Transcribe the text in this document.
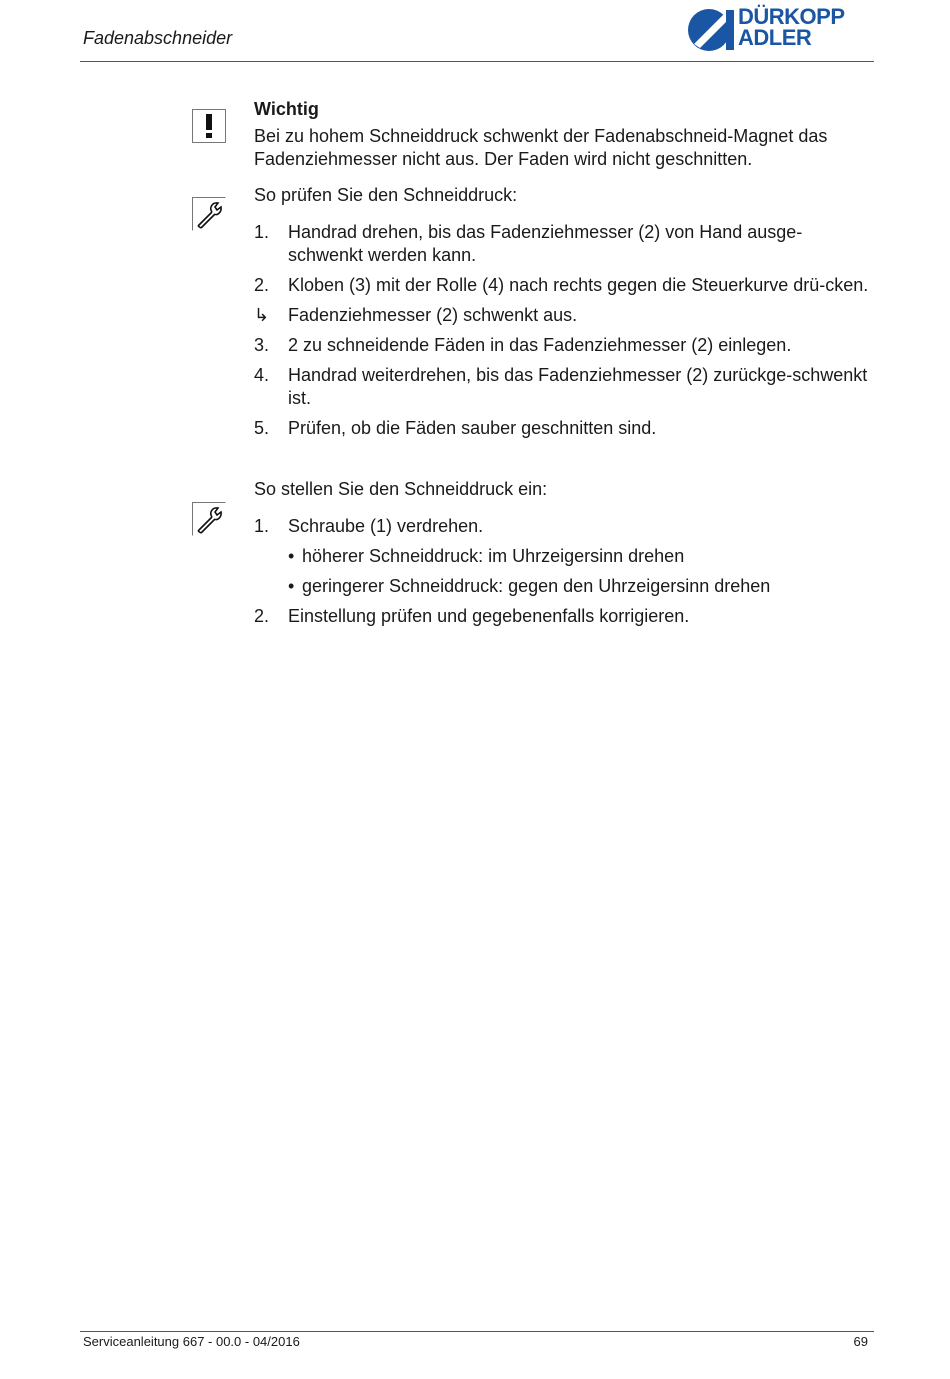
Fadenabschneider
DÜRKOPP
ADLER
Wichtig

Bei zu hohem Schneiddruck schwenkt der Fadenabschneid-Magnet das Fadenziehmesser nicht aus. Der Faden wird nicht geschnitten.

So prüfen Sie den Schneiddruck:

1. Handrad drehen, bis das Fadenziehmesser (2) von Hand ausge-schwenkt werden kann.
2. Kloben (3) mit der Rolle (4) nach rechts gegen die Steuerkurve drü-cken.
↳ Fadenziehmesser (2) schwenkt aus.
3. 2 zu schneidende Fäden in das Fadenziehmesser (2) einlegen.
4. Handrad weiterdrehen, bis das Fadenziehmesser (2) zurückge-schwenkt ist.
5. Prüfen, ob die Fäden sauber geschnitten sind.

So stellen Sie den Schneiddruck ein:

1. Schraube (1) verdrehen.
• höherer Schneiddruck: im Uhrzeigersinn drehen
• geringerer Schneiddruck: gegen den Uhrzeigersinn drehen
2. Einstellung prüfen und gegebenenfalls korrigieren.
Serviceanleitung 667 - 00.0 - 04/2016	69
